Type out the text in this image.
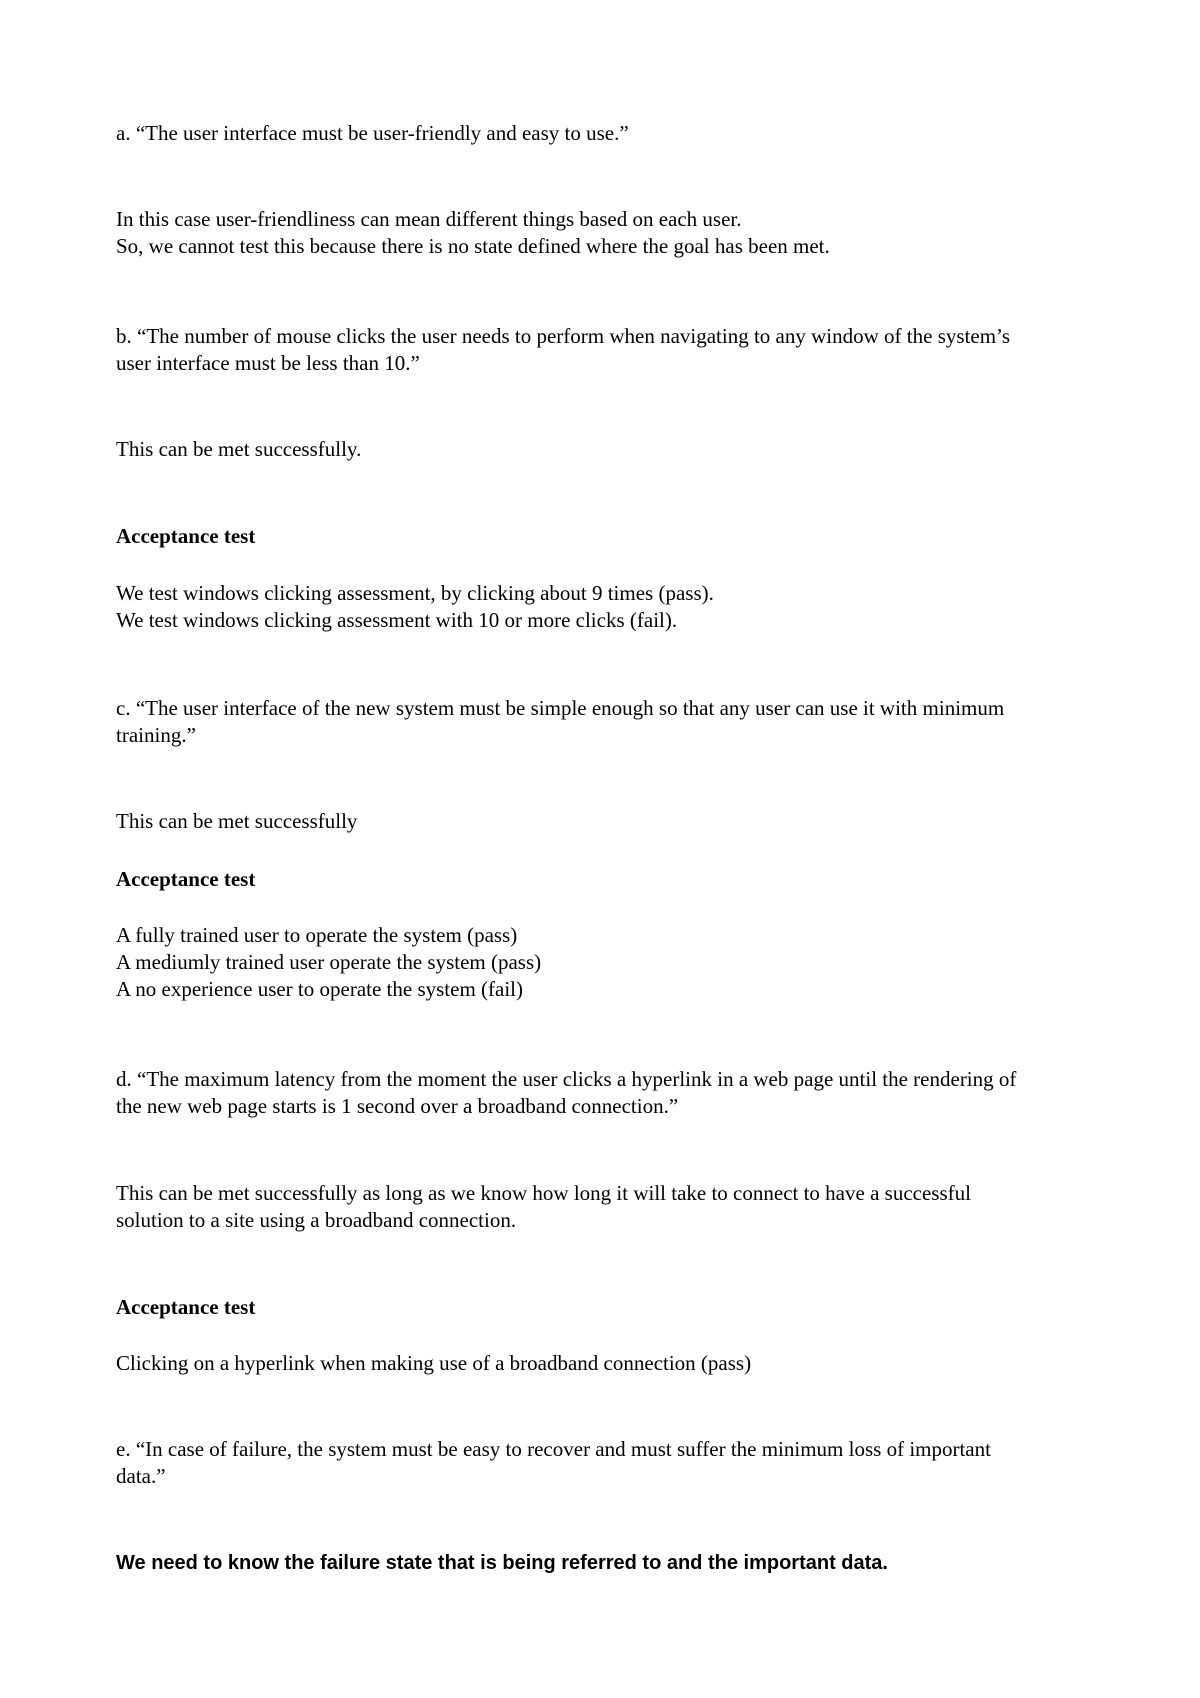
a. “The user interface must be user-friendly and easy to use.”
In this case user-friendliness can mean different things based on each user.
So, we cannot test this because there is no state defined where the goal has been met.
b. “The number of mouse clicks the user needs to perform when navigating to any window of the system’s
user interface must be less than 10.”
This can be met successfully.
Acceptance test
We test windows clicking assessment, by clicking about 9 times (pass).
We test windows clicking assessment with 10 or more clicks (fail).
c. “The user interface of the new system must be simple enough so that any user can use it with minimum
training.”
This can be met successfully
Acceptance test
A fully trained user to operate the system (pass)
A mediumly trained user operate the system (pass)
A no experience user to operate the system (fail)
d. “The maximum latency from the moment the user clicks a hyperlink in a web page until the rendering of
the new web page starts is 1 second over a broadband connection.”
This can be met successfully as long as we know how long it will take to connect to have a successful
solution to a site using a broadband connection.
Acceptance test
Clicking on a hyperlink when making use of a broadband connection (pass)
e. “In case of failure, the system must be easy to recover and must suffer the minimum loss of important
data.”
We need to know the failure state that is being referred to and the important data.
